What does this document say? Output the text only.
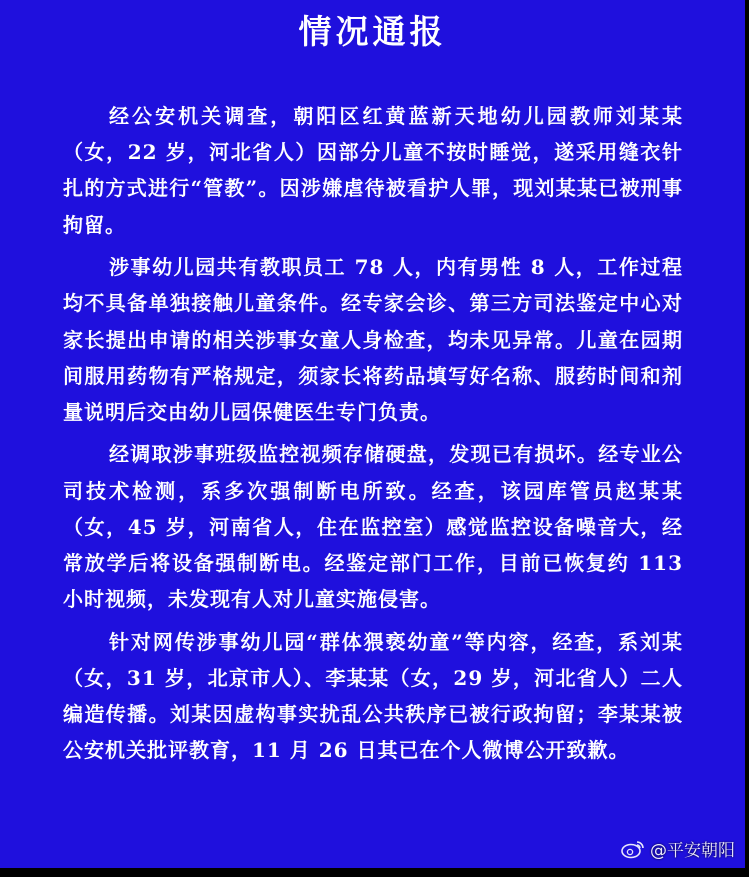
情况通报

经公安机关调查，朝阳区红黄蓝新天地幼儿园教师刘某某（女，22 岁，河北省人）因部分儿童不按时睡觉，遂采用缝衣针扎的方式进行“管教”。因涉嫌虐待被看护人罪，现刘某某已被刑事拘留。

涉事幼儿园共有教职员工 78 人，内有男性 8 人，工作过程均不具备单独接触儿童条件。经专家会诊、第三方司法鉴定中心对家长提出申请的相关涉事女童人身检查，均未见异常。儿童在园期间服用药物有严格规定，须家长将药品填写好名称、服药时间和剂量说明后交由幼儿园保健医生专门负责。

经调取涉事班级监控视频存储硬盘，发现已有损坏。经专业公司技术检测，系多次强制断电所致。经查，该园库管员赵某某（女，45 岁，河南省人，住在监控室）感觉监控设备噪音大，经常放学后将设备强制断电。经鉴定部门工作，目前已恢复约 113 小时视频，未发现有人对儿童实施侵害。

针对网传涉事幼儿园“群体猥亵幼童”等内容，经查，系刘某（女，31 岁，北京市人）、李某某（女，29 岁，河北省人）二人编造传播。刘某因虚构事实扰乱公共秩序已被行政拘留；李某某被公安机关批评教育，11 月 26 日其已在个人微博公开致歉。

@平安朝阳
